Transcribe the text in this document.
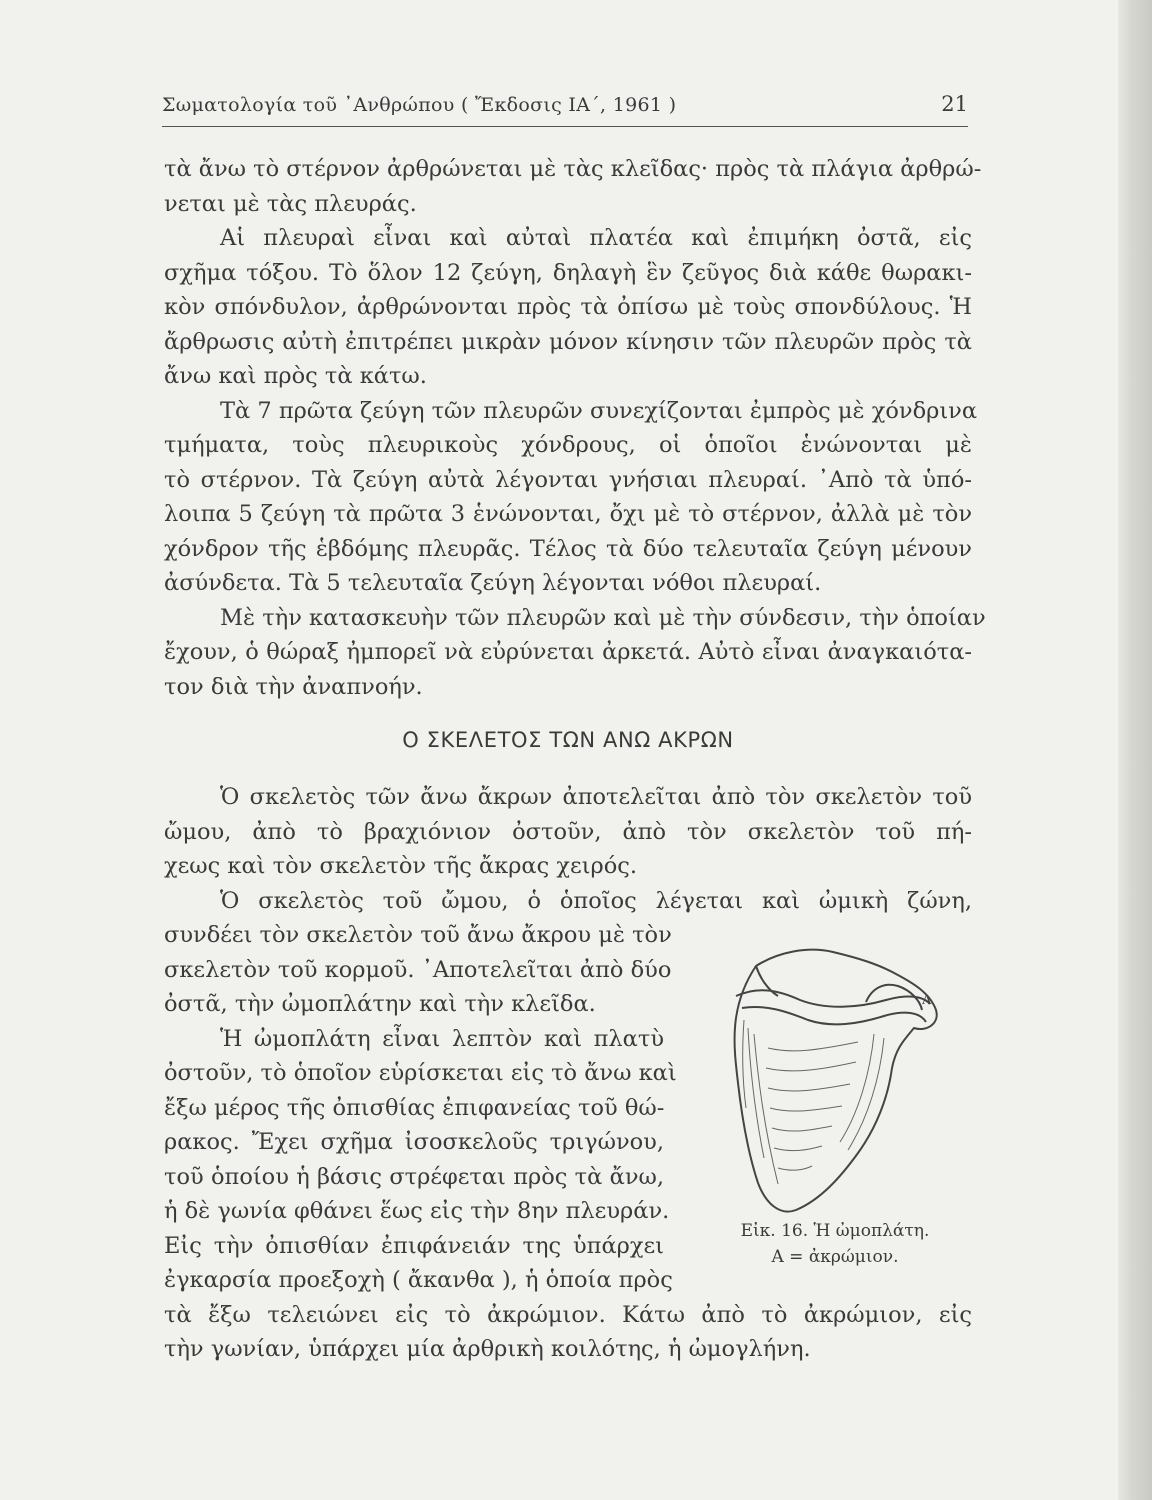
Σωματολογία τοῦ ᾿Ανθρώπου ( Ἔκδοσις ΙΑ΄, 1961 )	21
τὰ ἄνω τὸ στέρνον ἀρθρώνεται μὲ τὰς κλεῖδας· πρὸς τὰ πλάγια ἀρθρώ-
νεται μὲ τὰς πλευράς.
Αἱ πλευραὶ εἶναι καὶ αὐταὶ πλατέα καὶ ἐπιμήκη ὀστᾶ, εἰς
σχῆμα τόξου. Τὸ ὅλον 12 ζεύγη, δηλαγὴ ἓν ζεῦγος διὰ κάθε θωρακι-
κὸν σπόνδυλον, ἀρθρώνονται πρὸς τὰ ὀπίσω μὲ τοὺς σπονδύλους. Ἡ
ἄρθρωσις αὐτὴ ἐπιτρέπει μικρὰν μόνον κίνησιν τῶν πλευρῶν πρὸς τὰ
ἄνω καὶ πρὸς τὰ κάτω.
Τὰ 7 πρῶτα ζεύγη τῶν πλευρῶν συνεχίζονται ἐμπρὸς μὲ χόνδρινα
τμήματα, τοὺς πλευρικοὺς χόνδρους, οἱ ὁποῖοι ἑνώνονται μὲ
τὸ στέρνον. Τὰ ζεύγη αὐτὰ λέγονται γνήσιαι πλευραί. ᾿Απὸ τὰ ὑπό-
λοιπα 5 ζεύγη τὰ πρῶτα 3 ἑνώνονται, ὄχι μὲ τὸ στέρνον, ἀλλὰ μὲ τὸν
χόνδρον τῆς ἑβδόμης πλευρᾶς. Τέλος τὰ δύο τελευταῖα ζεύγη μένουν
ἀσύνδετα. Τὰ 5 τελευταῖα ζεύγη λέγονται νόθοι πλευραί.
Μὲ τὴν κατασκευὴν τῶν πλευρῶν καὶ μὲ τὴν σύνδεσιν, τὴν ὁποίαν
ἔχουν, ὁ θώραξ ἠμπορεῖ νὰ εὐρύνεται ἀρκετά. Αὐτὸ εἶναι ἀναγκαιότα-
τον διὰ τὴν ἀναπνοήν.
Ο ΣΚΕΛΕΤΟΣ ΤΩΝ ΑΝΩ ΑΚΡΩΝ
Ὁ σκελετὸς τῶν ἄνω ἄκρων ἀποτελεῖται ἀπὸ τὸν σκελετὸν τοῦ
ὤμου, ἀπὸ τὸ βραχιόνιον ὀστοῦν, ἀπὸ τὸν σκελετὸν τοῦ πή-
χεως καὶ τὸν σκελετὸν τῆς ἄκρας χειρός.
Ὁ σκελετὸς τοῦ ὤμου, ὁ ὁποῖος λέγεται καὶ ὠμικὴ ζώνη,
συνδέει τὸν σκελετὸν τοῦ ἄνω ἄκρου μὲ τὸν
σκελετὸν τοῦ κορμοῦ. ᾿Αποτελεῖται ἀπὸ δύο
ὀστᾶ, τὴν ὠμοπλάτην καὶ τὴν κλεῖδα.
Ἡ ὠμοπλάτη εἶναι λεπτὸν καὶ πλατὺ
ὀστοῦν, τὸ ὁποῖον εὑρίσκεται εἰς τὸ ἄνω καὶ
ἔξω μέρος τῆς ὀπισθίας ἐπιφανείας τοῦ θώ-
ρακος. Ἔχει σχῆμα ἰσοσκελοῦς τριγώνου,
τοῦ ὁποίου ἡ βάσις στρέφεται πρὸς τὰ ἄνω,
ἡ δὲ γωνία φθάνει ἕως εἰς τὴν 8ην πλευράν.
Εἰς τὴν ὀπισθίαν ἐπιφάνειάν της ὑπάρχει
ἐγκαρσία προεξοχὴ ( ἄκανθα ), ἡ ὁποία πρὸς
τὰ ἔξω τελειώνει εἰς τὸ ἀκρώμιον. Κάτω ἀπὸ τὸ ἀκρώμιον, εἰς
τὴν γωνίαν, ὑπάρχει μία ἀρθρικὴ κοιλότης, ἡ ὠμογλήνη.
A
Εἰκ. 16. Ἡ ὠμοπλάτη.
A = ἀκρώμιον.
